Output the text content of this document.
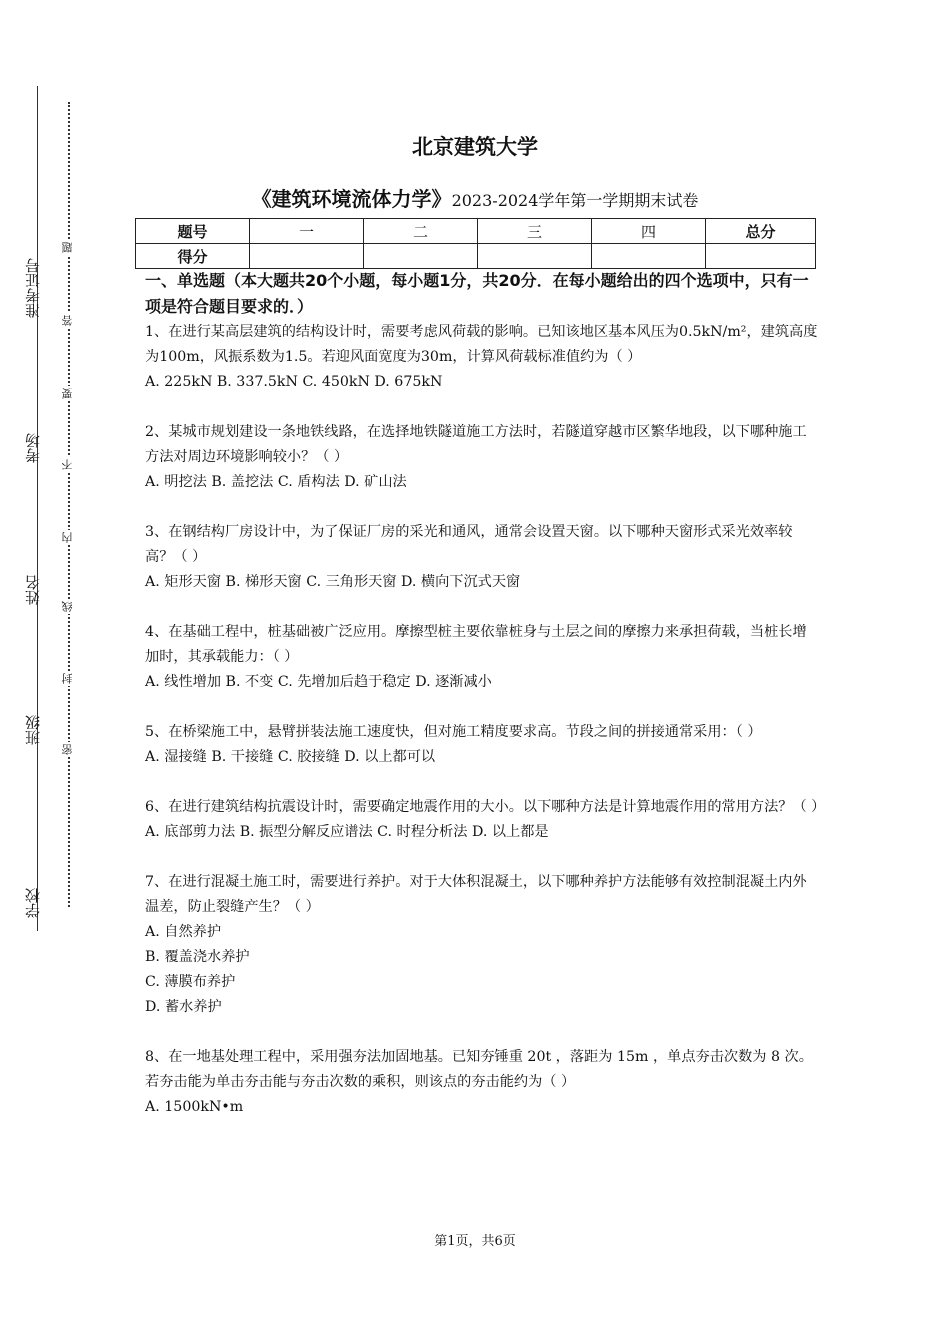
准考证号
考场
姓名
班级
学校
题
答
要
不
内
线
封
密
北京建筑大学
《建筑环境流体力学》2023-2024学年第一学期期末试卷
题号	一	二	三	四	总分
得分					
一、单选题（本大题共20个小题，每小题1分，共20分．在每小题给出的四个选项中，只有一项是符合题目要求的．）
1、在进行某高层建筑的结构设计时，需要考虑风荷载的影响。已知该地区基本风压为0.5kN/m²，建筑高度为100m，风振系数为1.5。若迎风面宽度为30m，计算风荷载标准值约为（ ）
A. 225kN B. 337.5kN C. 450kN D. 675kN
2、某城市规划建设一条地铁线路，在选择地铁隧道施工方法时，若隧道穿越市区繁华地段，以下哪种施工方法对周边环境影响较小？（ ）
A. 明挖法 B. 盖挖法 C. 盾构法 D. 矿山法
3、在钢结构厂房设计中，为了保证厂房的采光和通风，通常会设置天窗。以下哪种天窗形式采光效率较高？（ ）
A. 矩形天窗 B. 梯形天窗 C. 三角形天窗 D. 横向下沉式天窗
4、在基础工程中，桩基础被广泛应用。摩擦型桩主要依靠桩身与土层之间的摩擦力来承担荷载，当桩长增加时，其承载能力：（ ）
A. 线性增加 B. 不变 C. 先增加后趋于稳定 D. 逐渐减小
5、在桥梁施工中，悬臂拼装法施工速度快，但对施工精度要求高。节段之间的拼接通常采用：（ ）
A. 湿接缝 B. 干接缝 C. 胶接缝 D. 以上都可以
6、在进行建筑结构抗震设计时，需要确定地震作用的大小。以下哪种方法是计算地震作用的常用方法？（ ）
A. 底部剪力法 B. 振型分解反应谱法 C. 时程分析法 D. 以上都是
7、在进行混凝土施工时，需要进行养护。对于大体积混凝土，以下哪种养护方法能够有效控制混凝土内外温差，防止裂缝产生？（ ）
A. 自然养护
B. 覆盖浇水养护
C. 薄膜布养护
D. 蓄水养护
8、在一地基处理工程中，采用强夯法加固地基。已知夯锤重 20t ，落距为 15m ，单点夯击次数为 8 次。若夯击能为单击夯击能与夯击次数的乘积，则该点的夯击能约为（ ）
A. 1500kN•m
第1页，共6页
